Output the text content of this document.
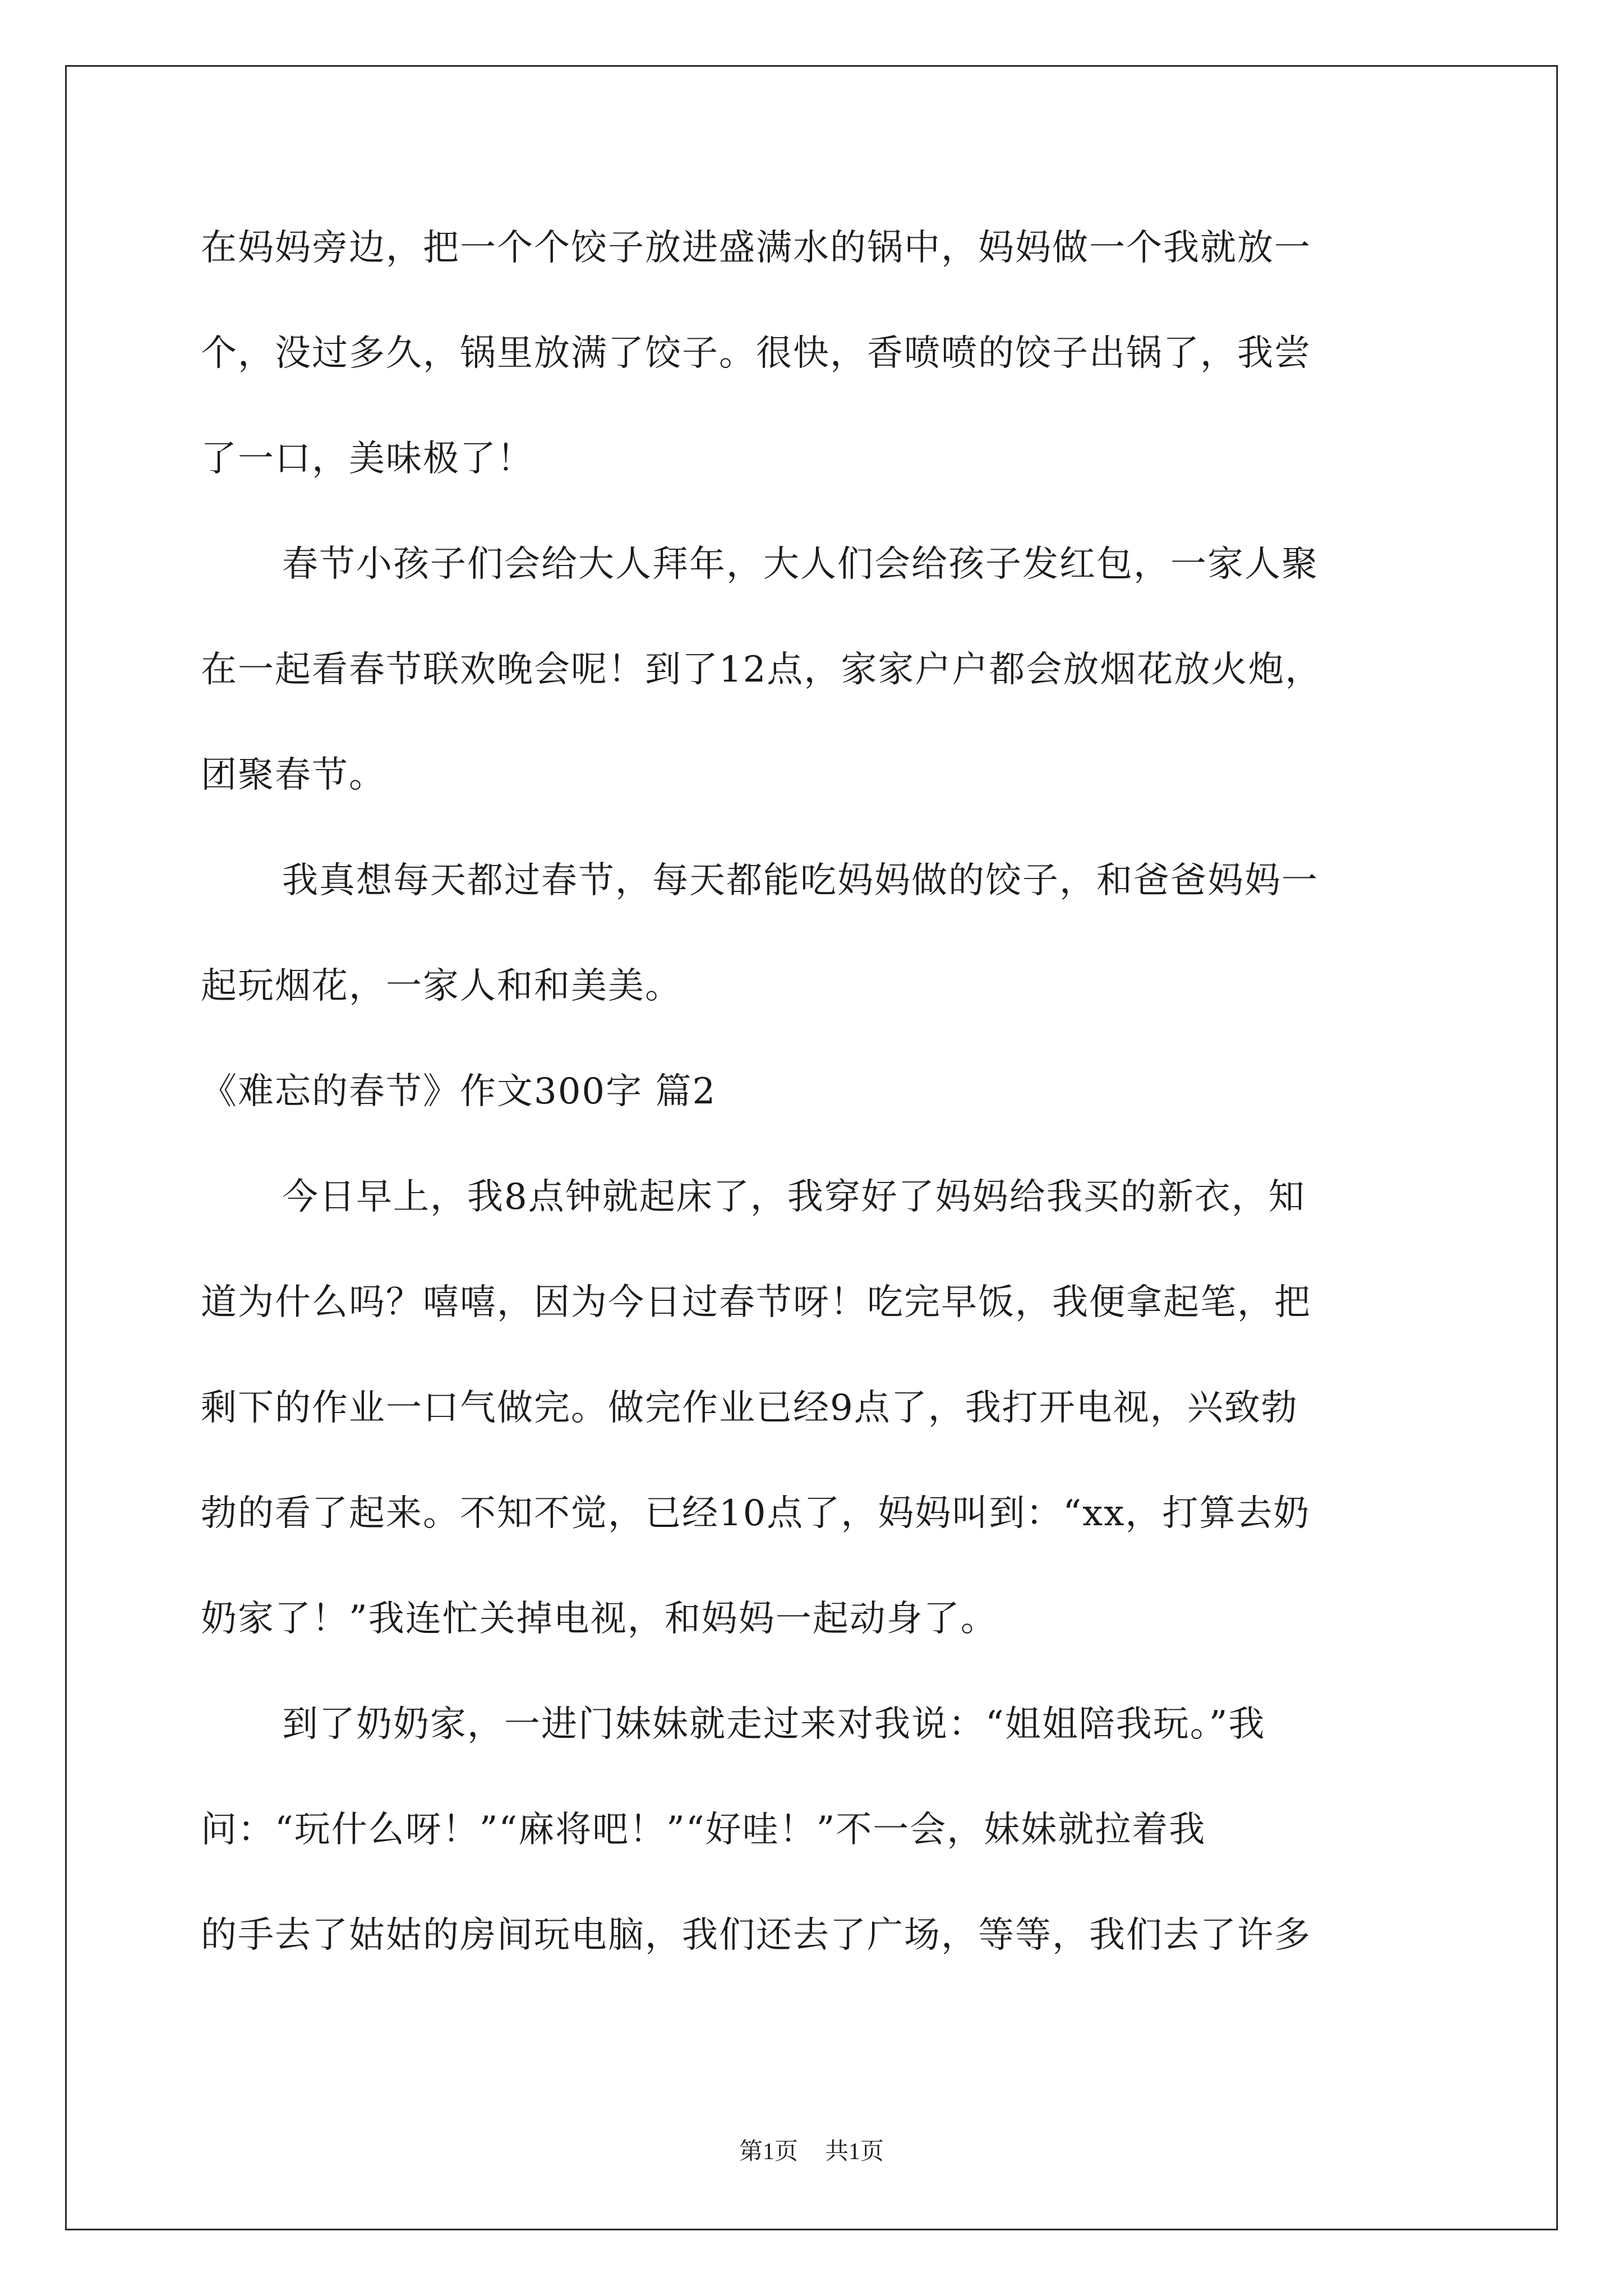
在妈妈旁边，把一个个饺子放进盛满水的锅中，妈妈做一个我就放一
个，没过多久，锅里放满了饺子。很快，香喷喷的饺子出锅了，我尝
了一口，美味极了！
春节小孩子们会给大人拜年，大人们会给孩子发红包，一家人聚
在一起看春节联欢晚会呢！到了12点，家家户户都会放烟花放火炮，
团聚春节。
我真想每天都过春节，每天都能吃妈妈做的饺子，和爸爸妈妈一
起玩烟花，一家人和和美美。
《难忘的春节》作文300字 篇2
今日早上，我8点钟就起床了，我穿好了妈妈给我买的新衣，知
道为什么吗？嘻嘻，因为今日过春节呀！吃完早饭，我便拿起笔，把
剩下的作业一口气做完。做完作业已经9点了，我打开电视，兴致勃
勃的看了起来。不知不觉，已经10点了，妈妈叫到：“xx，打算去奶
奶家了！”我连忙关掉电视，和妈妈一起动身了。
到了奶奶家，一进门妹妹就走过来对我说：“姐姐陪我玩。”我
问：“玩什么呀！”“麻将吧！”“好哇！”不一会，妹妹就拉着我
的手去了姑姑的房间玩电脑，我们还去了广场，等等，我们去了许多
第1页 共1页
